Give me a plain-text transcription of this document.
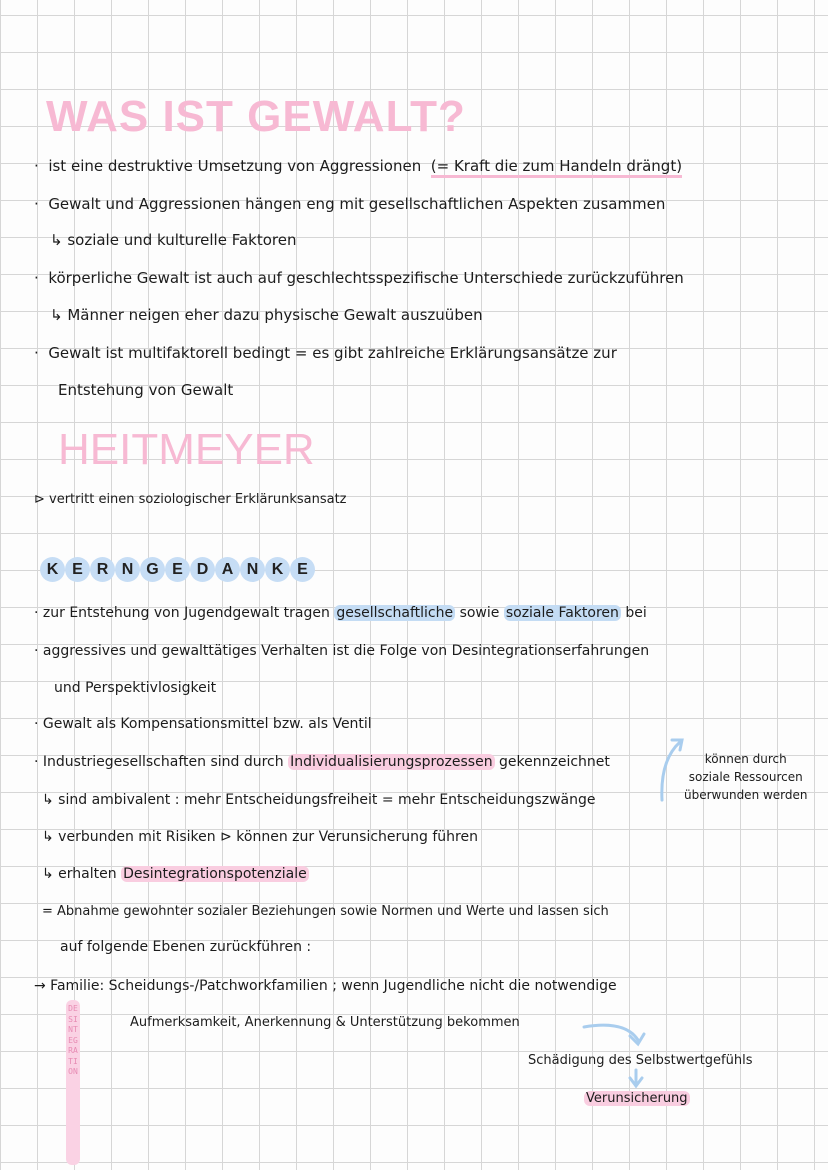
WAS IST GEWALT?
· ist eine destruktive Umsetzung von Aggressionen (= Kraft die zum Handeln drängt)
·  Gewalt und Aggressionen hängen eng mit gesellschaftlichen Aspekten zusammen
↳ soziale und kulturelle Faktoren
·  körperliche Gewalt ist auch auf geschlechtsspezifische Unterschiede zurückzuführen
↳ Männer neigen eher dazu physische Gewalt auszuüben
·  Gewalt ist multifaktorell bedingt = es gibt zahlreiche Erklärungsansätze zur
Entstehung von Gewalt
HEITMEYER
⊳ vertritt einen soziologischer Erklärunksansatz
K E R N G E D A N K E
· zur Entstehung von Jugendgewalt tragen gesellschaftliche sowie soziale Faktoren bei
· aggressives und gewalttätiges Verhalten ist die Folge von Desintegrationserfahrungen
und Perspektivlosigkeit
· Gewalt als Kompensationsmittel bzw. als Ventil
· Industriegesellschaften sind durch Individualisierungsprozessen gekennzeichnet
↳ sind ambivalent : mehr Entscheidungsfreiheit = mehr Entscheidungszwänge
↳ verbunden mit Risiken ⊳ können zur Verunsicherung führen
↳ erhalten Desintegrationspotenziale
= Abnahme gewohnter sozialer Beziehungen sowie Normen und Werte und lassen sich
auf folgende Ebenen zurückführen :
→ Familie: Scheidungs-/Patchworkfamilien ; wenn Jugendliche nicht die notwendige
Aufmerksamkeit, Anerkennung & Unterstützung bekommen
Schädigung des Selbstwertgefühls
Verunsicherung
können durch
soziale Ressourcen
überwunden werden
DESINTEGRATION
